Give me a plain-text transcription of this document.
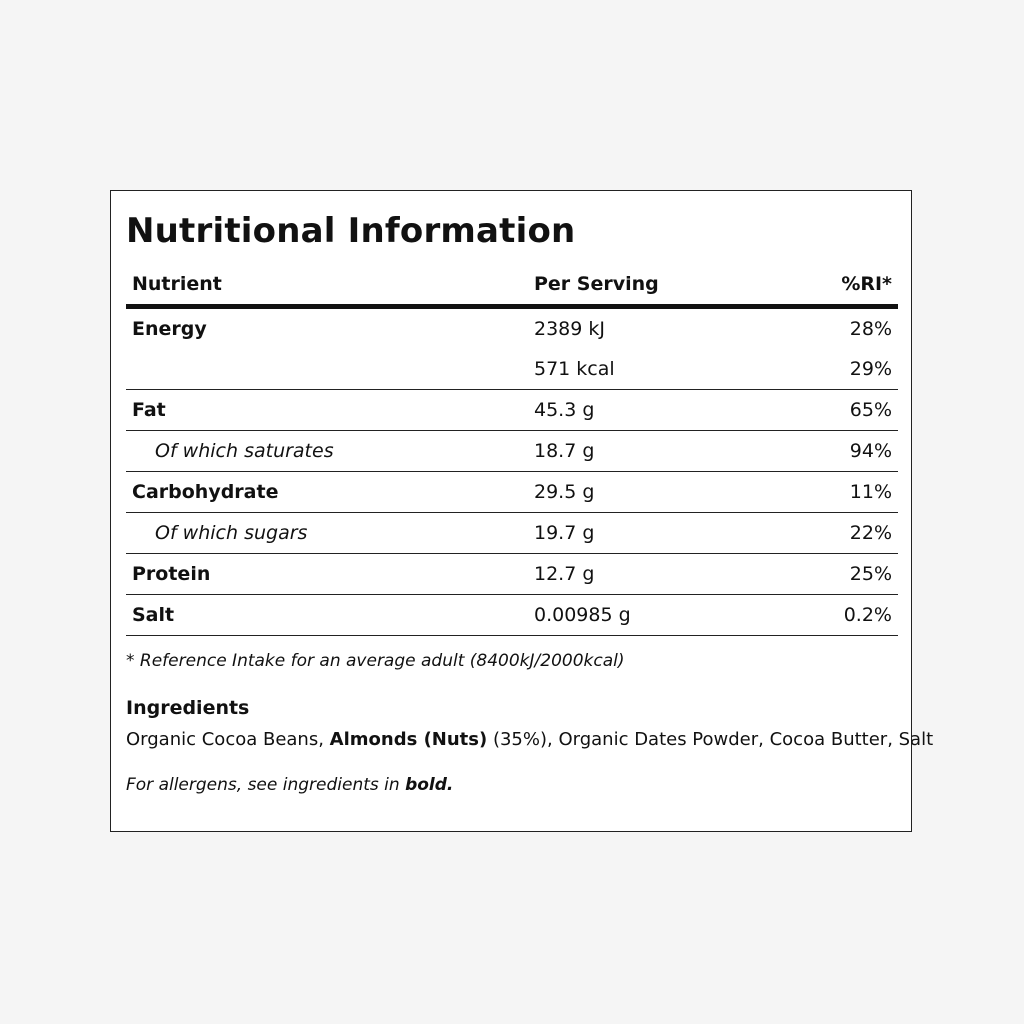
Nutritional Information
Nutrient	Per Serving	%RI*
Energy	2389 kJ	28%
	571 kcal	29%
Fat	45.3 g	65%
Of which saturates	18.7 g	94%
Carbohydrate	29.5 g	11%
Of which sugars	19.7 g	22%
Protein	12.7 g	25%
Salt	0.00985 g	0.2%
* Reference Intake for an average adult (8400kJ/2000kcal)
Ingredients
Organic Cocoa Beans, Almonds (Nuts) (35%), Organic Dates Powder, Cocoa Butter, Salt
For allergens, see ingredients in bold.
